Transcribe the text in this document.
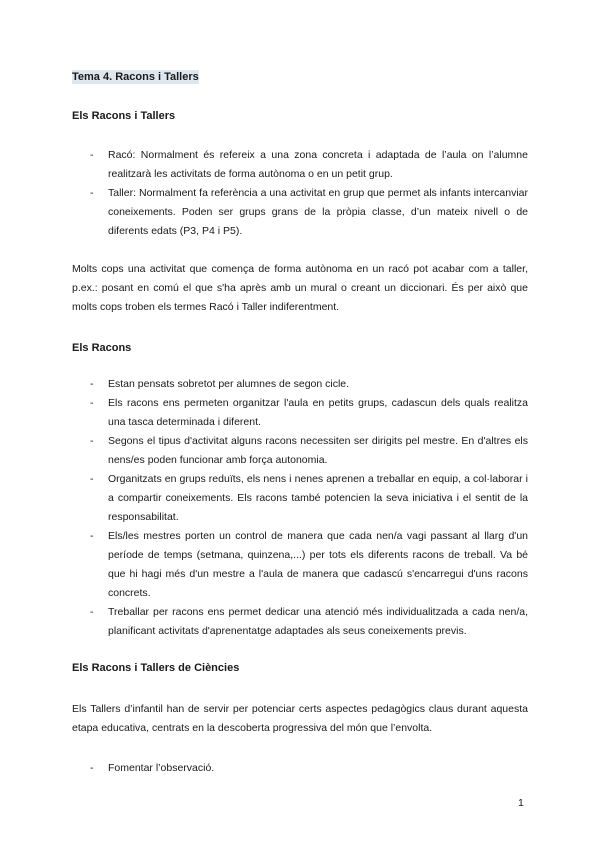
Tema 4. Racons i Tallers
Els Racons i Tallers
- Racó: Normalment és refereix a una zona concreta i adaptada de l’aula on l’alumne realitzarà les activitats de forma autònoma o en un petit grup.
- Taller: Normalment fa referència a una activitat en grup que permet als infants intercanviar coneixements. Poden ser grups grans de la pròpia classe, d’un mateix nivell o de diferents edats (P3, P4 i P5).

Molts cops una activitat que comença de forma autònoma en un racó pot acabar com a taller, p.ex.: posant en comú el que s'ha après amb un mural o creant un diccionari. És per això que molts cops troben els termes Racó i Taller indiferentment.

Els Racons
- Estan pensats sobretot per alumnes de segon cicle.
- Els racons ens permeten organitzar l'aula en petits grups, cadascun dels quals realitza una tasca determinada i diferent.
- Segons el tipus d'activitat alguns racons necessiten ser dirigits pel mestre. En d'altres els nens/es poden funcionar amb força autonomia.
- Organitzats en grups reduïts, els nens i nenes aprenen a treballar en equip, a col·laborar i a compartir coneixements. Els racons també potencien la seva iniciativa i el sentit de la responsabilitat.
- Els/les mestres porten un control de manera que cada nen/a vagi passant al llarg d'un període de temps (setmana, quinzena,...) per tots els diferents racons de treball. Va bé que hi hagi més d'un mestre a l'aula de manera que cadascú s'encarregui d'uns racons concrets.
- Treballar per racons ens permet dedicar una atenció més individualitzada a cada nen/a, planificant activitats d'aprenentatge adaptades als seus coneixements previs.
Els Racons i Tallers de Ciències

Els Tallers d’infantil han de servir per potenciar certs aspectes pedagògics claus durant aquesta etapa educativa, centrats en la descoberta progressiva del món que l’envolta.

- Fomentar l’observació.
1
